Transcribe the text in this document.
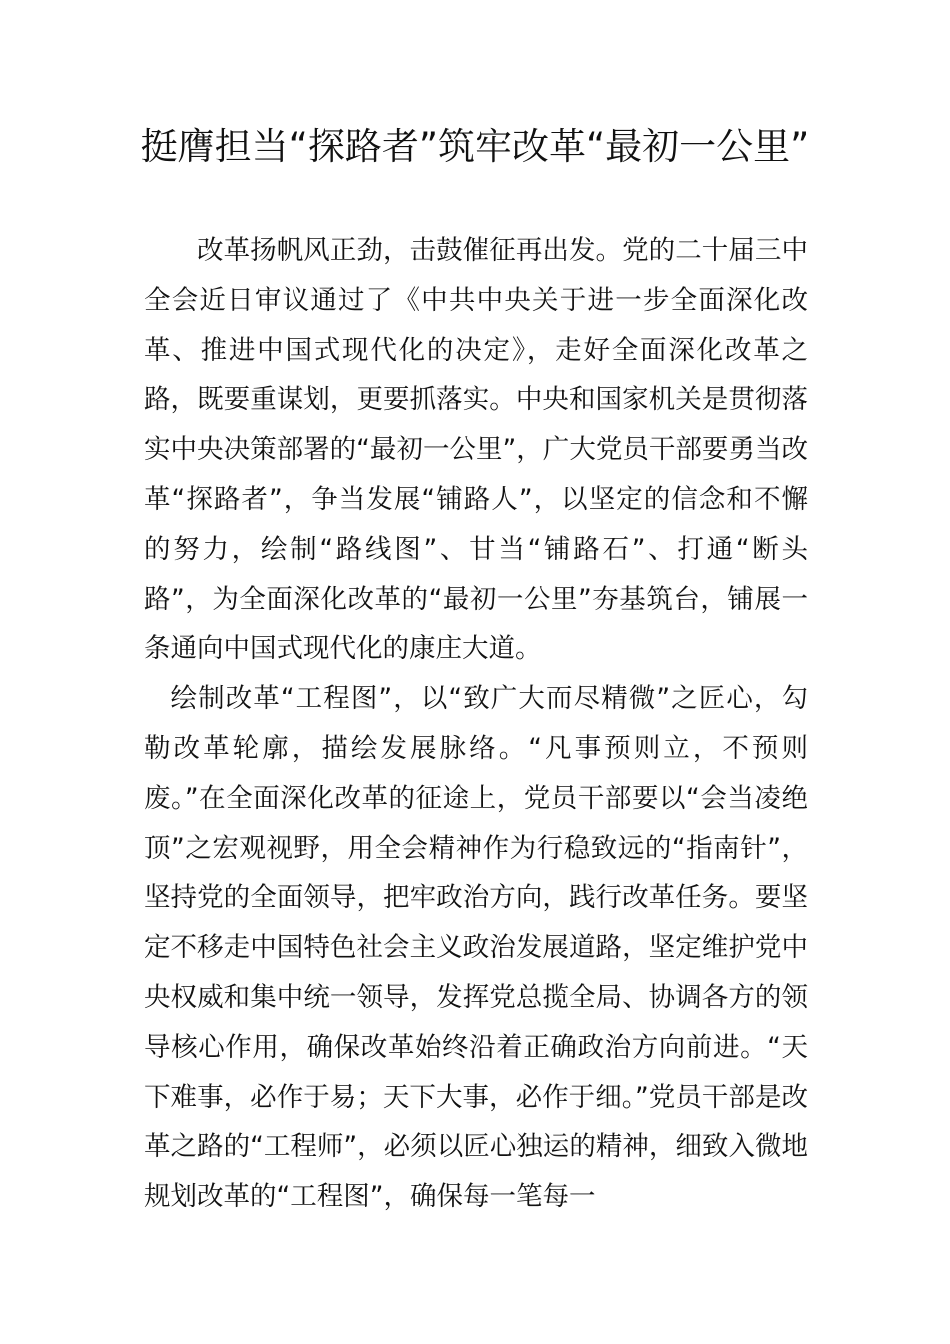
挺膺担当“探路者”筑牢改革“最初一公里”

改革扬帆风正劲，击鼓催征再出发。党的二十届三中全会近日审议通过了《中共中央关于进一步全面深化改革、推进中国式现代化的决定》，走好全面深化改革之路，既要重谋划，更要抓落实。中央和国家机关是贯彻落实中央决策部署的“最初一公里”，广大党员干部要勇当改革“探路者”，争当发展“铺路人”，以坚定的信念和不懈的努力，绘制“路线图”、甘当“铺路石”、打通“断头路”，为全面深化改革的“最初一公里”夯基筑台，铺展一条通向中国式现代化的康庄大道。

绘制改革“工程图”，以“致广大而尽精微”之匠心，勾勒改革轮廓，描绘发展脉络。“凡事预则立，不预则废。”在全面深化改革的征途上，党员干部要以“会当凌绝顶”之宏观视野，用全会精神作为行稳致远的“指南针”，坚持党的全面领导，把牢政治方向，践行改革任务。要坚定不移走中国特色社会主义政治发展道路，坚定维护党中央权威和集中统一领导，发挥党总揽全局、协调各方的领导核心作用，确保改革始终沿着正确政治方向前进。“天下难事，必作于易；天下大事，必作于细。”党员干部是改革之路的“工程师”，必须以匠心独运的精神，细致入微地规划改革的“工程图”，确保每一笔每一
